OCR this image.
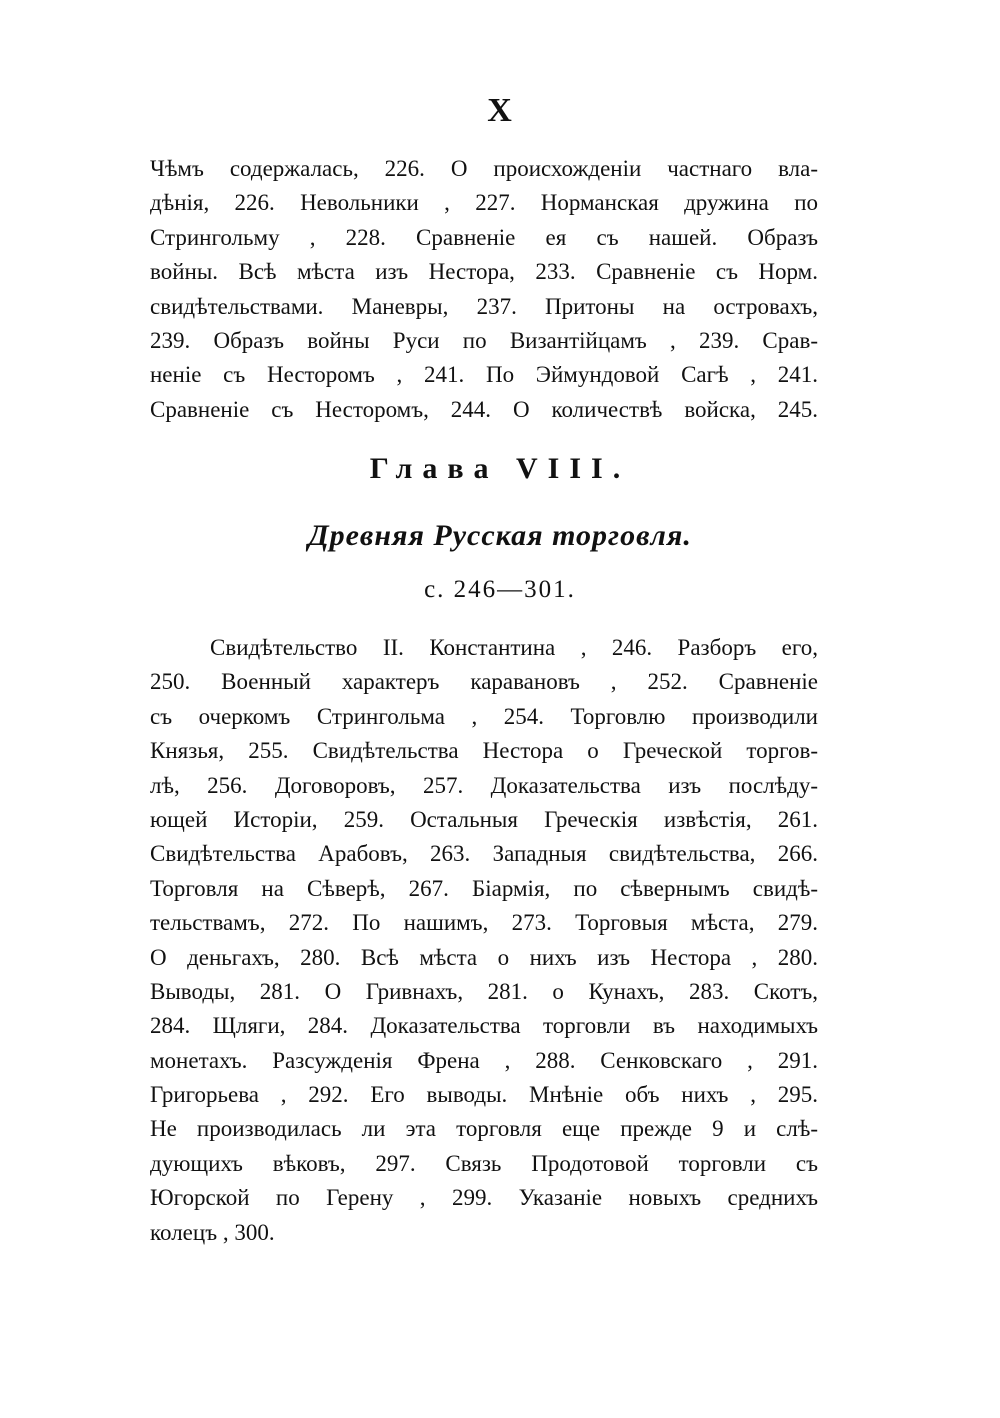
X
Чѣмъ содержалась, 226. О происхожденіи частнаго вла-
дѣнія, 226. Невольники , 227. Норманская дружина по
Стрингольму , 228. Сравненіе ея съ нашей. Образъ
войны. Всѣ мѣста изъ Нестора, 233. Сравненіе съ Норм.
свидѣтельствами. Маневры, 237. Притоны на островахъ,
239. Образъ войны Руси по Византійцамъ , 239. Срав-
неніе съ Несторомъ , 241. По Эймундовой Сагѣ , 241.
Сравненіе съ Несторомъ, 244. О количествѣ войска, 245.
Глава VIII.
Древняя Русская торговля.
с. 246—301.
Свидѣтельство II. Константина , 246. Разборъ его,
250. Военный характеръ каравановъ , 252. Сравненіе
съ очеркомъ Стрингольма , 254. Торговлю производили
Князья, 255. Свидѣтельства Нестора о Греческой торгов-
лѣ, 256. Договоровъ, 257. Доказательства изъ послѣду-
ющей Исторіи, 259. Остальныя Греческія извѣстія, 261.
Свидѣтельства Арабовъ, 263. Западныя свидѣтельства, 266.
Торговля на Сѣверѣ, 267. Біармія, по сѣвернымъ свидѣ-
тельствамъ, 272. По нашимъ, 273. Торговыя мѣста, 279.
О деньгахъ, 280. Всѣ мѣста о нихъ изъ Нестора , 280.
Выводы, 281. О Гривнахъ, 281. о Кунахъ, 283. Скотъ,
284. Щляги, 284. Доказательства торговли въ находимыхъ
монетахъ. Разсужденія Френа , 288. Сенковскаго , 291.
Григорьева , 292. Его выводы. Мнѣніе объ нихъ , 295.
Не производилась ли эта торговля еще прежде 9 и слѣ-
дующихъ вѣковъ, 297. Связь Продотовой торговли съ
Югорской по Герену , 299. Указаніе новыхъ среднихъ
колецъ , 300.
